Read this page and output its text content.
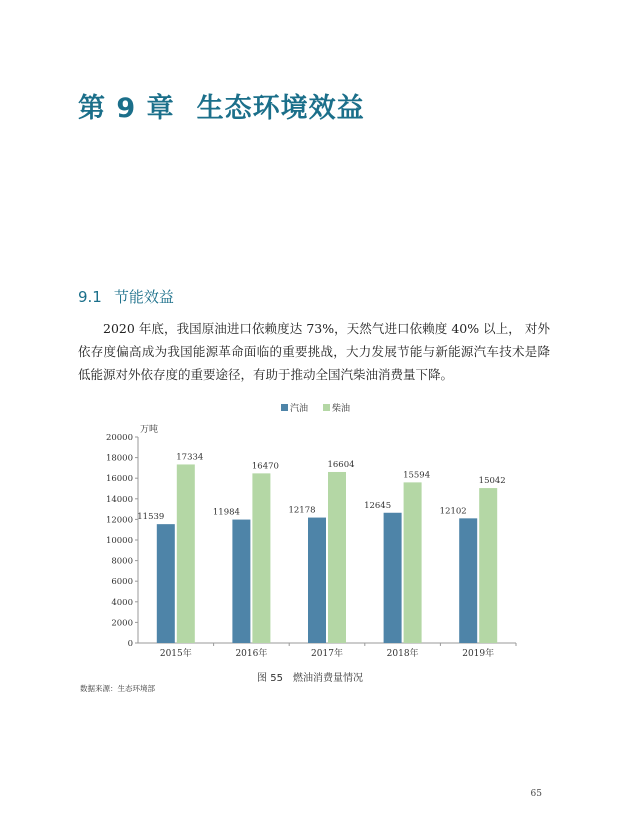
第 9 章 生态环境效益
9.1 节能效益

2020 年底，我国原油进口依赖度达 73%，天然气进口依赖度 40% 以上， 对外依存度偏高成为我国能源革命面临的重要挑战，大力发展节能与新能源汽车技术是降低能源对外依存度的重要途径，有助于推动全国汽柴油消费量下降。

0
2000
4000
6000
8000
10000
12000
14000
16000
18000
20000
万吨
汽油	柴油
2015年
11539
17334
2016年
11984
16470
2017年
12178
16604
2018年
12645
15594
2019年
12102
15042
图 55　燃油消费量情况
数据来源：生态环境部
65
